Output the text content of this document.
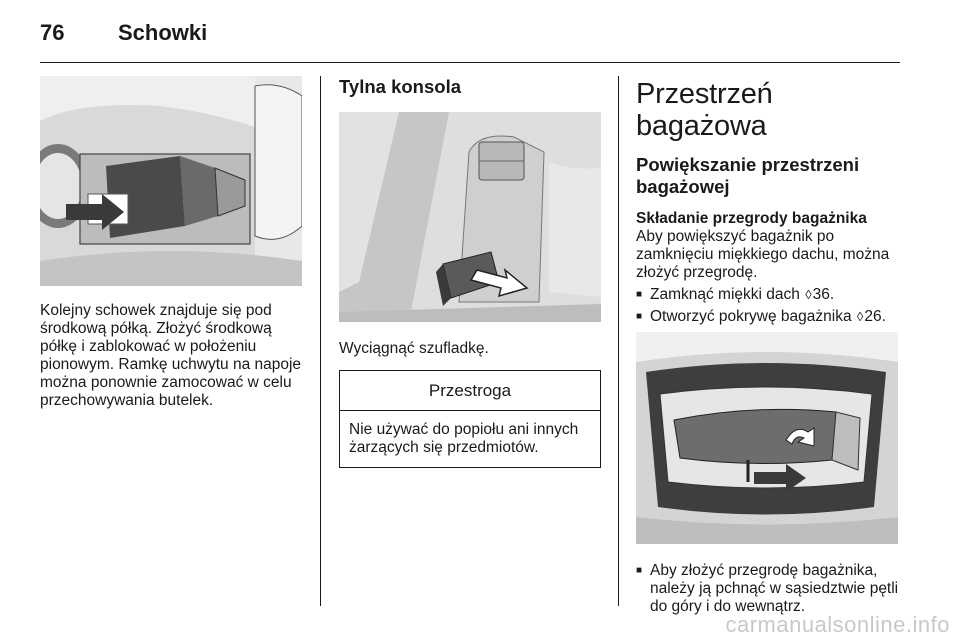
76 Schowki

Kolejny schowek znajduje się pod środkową półką. Złożyć środkową półkę i zablokować w położeniu pionowym. Ramkę uchwytu na napoje można ponownie zamocować w celu przechowywania butelek.

Tylna konsola

Wyciągnąć szufladkę.

Przestroga
Nie używać do popiołu ani innych żarzących się przedmiotów.
Przestrzeń bagażowa
Powiększanie przestrzeni bagażowej
Składanie przegrody bagażnika

Aby powiększyć bagażnik po zamknięciu miękkiego dachu, można złożyć przegrodę.

■ Zamknąć miękki dach ◊36.
■ Otworzyć pokrywę bagażnika ◊26.
■ Aby złożyć przegrodę bagażnika, należy ją pchnąć w sąsiedztwie pętli do góry i do wewnątrz.
carmanualsonline.info
